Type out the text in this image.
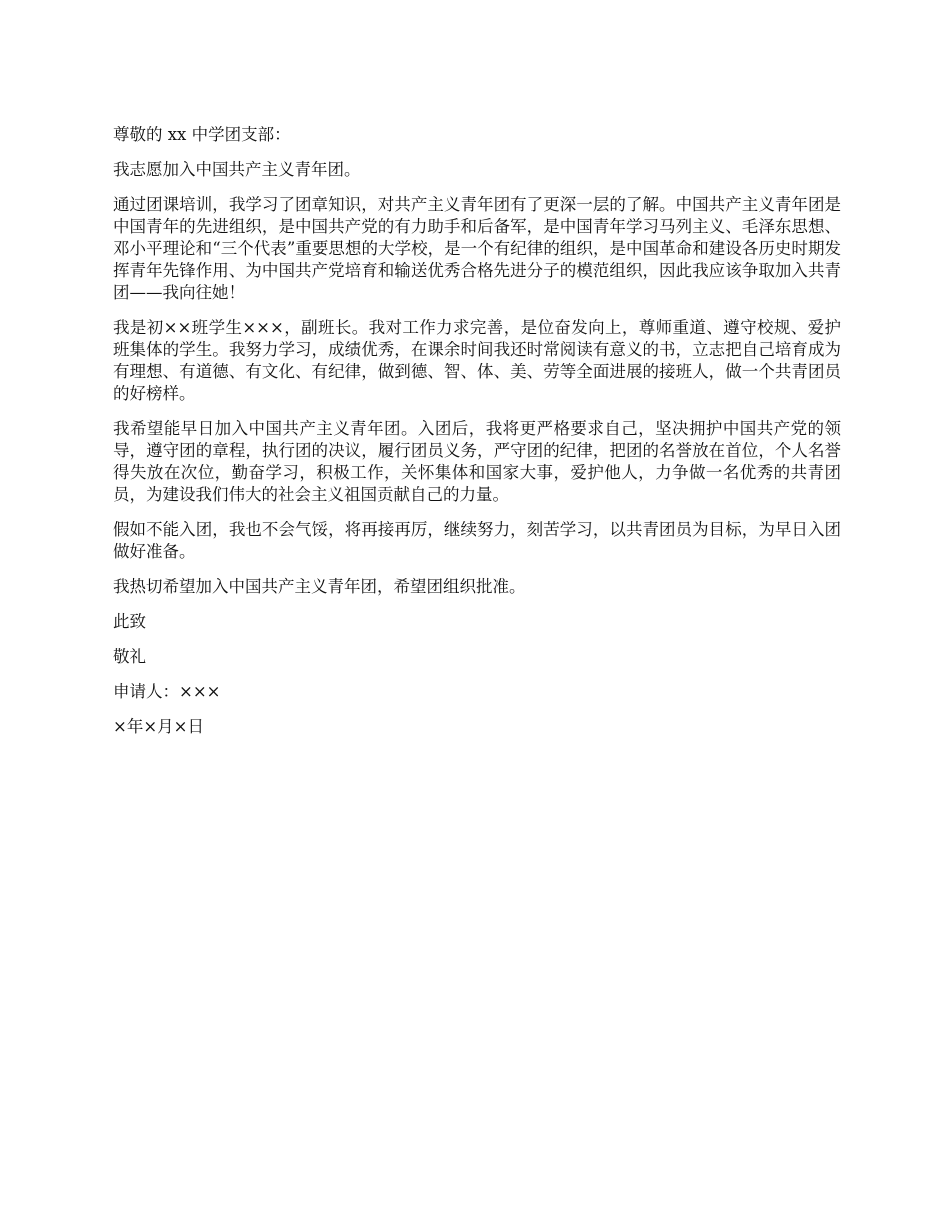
尊敬的 xx 中学团支部：

我志愿加入中国共产主义青年团。

通过团课培训，我学习了团章知识，对共产主义青年团有了更深一层的了解。中国共产主义青年团是中国青年的先进组织，是中国共产党的有力助手和后备军，是中国青年学习马列主义、毛泽东思想、邓小平理论和“三个代表”重要思想的大学校，是一个有纪律的组织，是中国革命和建设各历史时期发挥青年先锋作用、为中国共产党培育和输送优秀合格先进分子的模范组织，因此我应该争取加入共青团——我向往她！

我是初××班学生×××，副班长。我对工作力求完善，是位奋发向上，尊师重道、遵守校规、爱护班集体的学生。我努力学习，成绩优秀，在课余时间我还时常阅读有意义的书，立志把自己培育成为有理想、有道德、有文化、有纪律，做到德、智、体、美、劳等全面进展的接班人，做一个共青团员的好榜样。

我希望能早日加入中国共产主义青年团。入团后，我将更严格要求自己，坚决拥护中国共产党的领导，遵守团的章程，执行团的决议，履行团员义务，严守团的纪律，把团的名誉放在首位，个人名誉得失放在次位，勤奋学习，积极工作，关怀集体和国家大事，爱护他人，力争做一名优秀的共青团员，为建设我们伟大的社会主义祖国贡献自己的力量。

假如不能入团，我也不会气馁，将再接再厉，继续努力，刻苦学习，以共青团员为目标，为早日入团做好准备。

我热切希望加入中国共产主义青年团，希望团组织批准。

此致

敬礼

申请人：×××

×年×月×日
